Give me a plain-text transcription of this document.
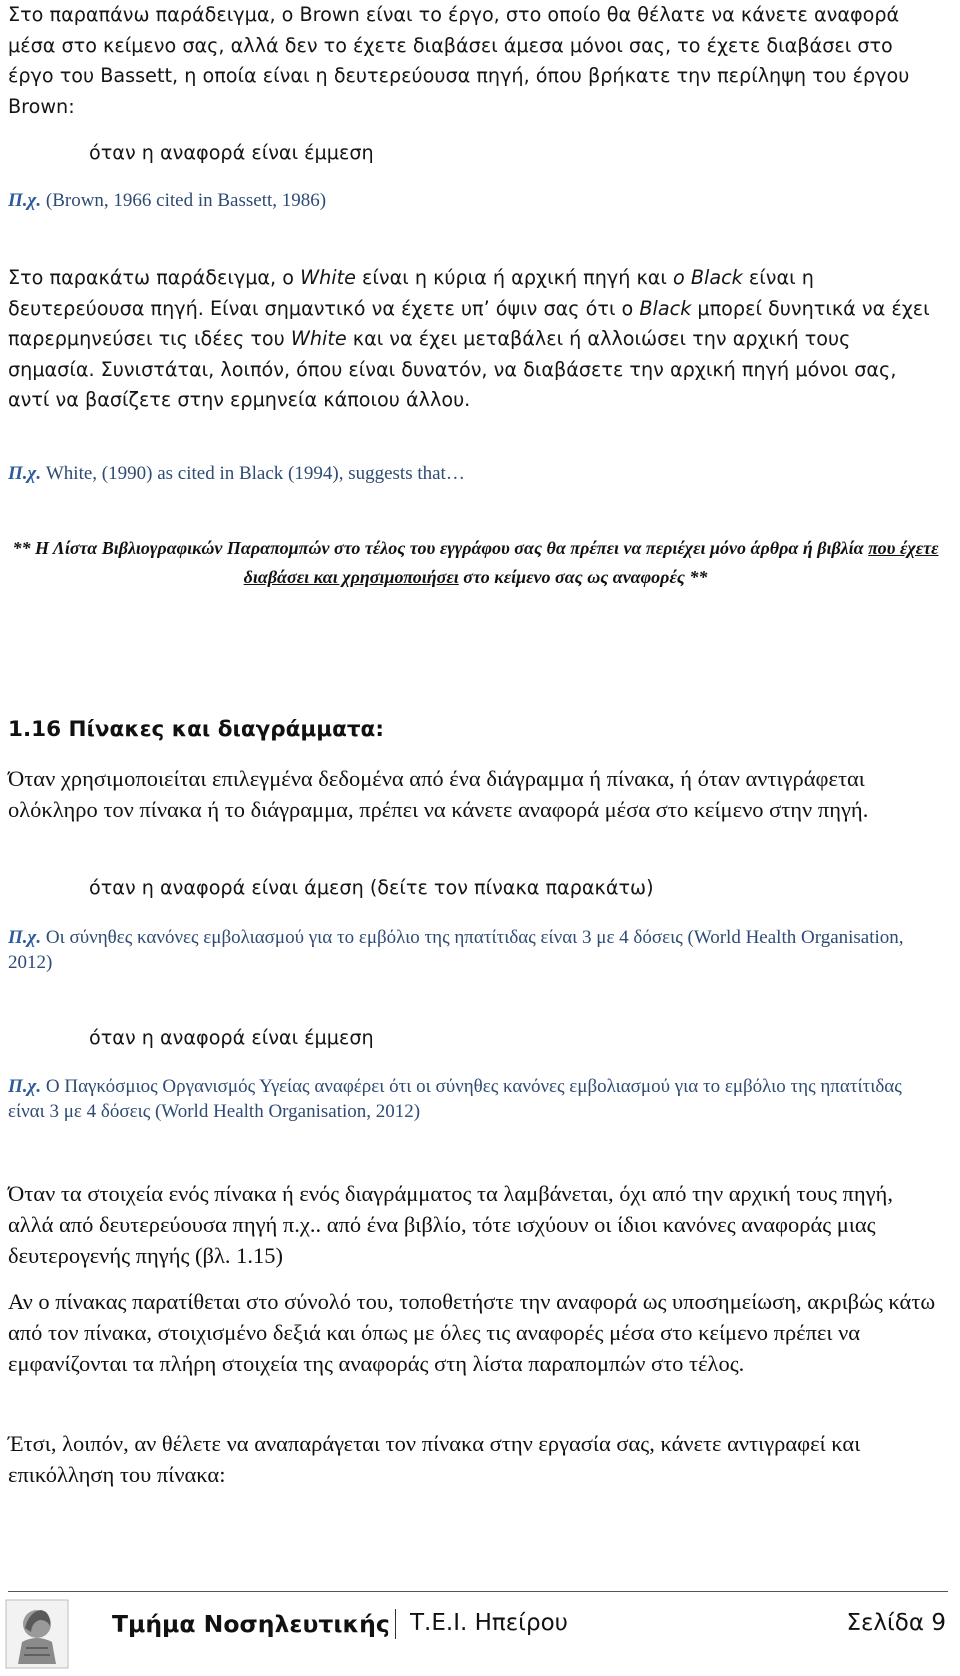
Στο παραπάνω παράδειγμα, ο Brown είναι το έργο, στο οποίο θα θέλατε να κάνετε αναφορά μέσα στο κείμενο σας, αλλά δεν το έχετε διαβάσει άμεσα μόνοι σας, το έχετε διαβάσει στο έργο του Bassett, η οποία είναι η δευτερεύουσα πηγή, όπου βρήκατε την περίληψη του έργου Brown:
όταν η αναφορά είναι έμμεση
Π.χ. (Brown, 1966 cited in Bassett, 1986)
Στο παρακάτω παράδειγμα, ο White είναι η κύρια ή αρχική πηγή και ο Black είναι η δευτερεύουσα πηγή. Είναι σημαντικό να έχετε υπ’ όψιν σας ότι ο Black μπορεί δυνητικά να έχει παρερμηνεύσει τις ιδέες του White και να έχει μεταβάλει ή αλλοιώσει την αρχική τους σημασία. Συνιστάται, λοιπόν, όπου είναι δυνατόν, να διαβάσετε την αρχική πηγή μόνοι σας, αντί να βασίζετε στην ερμηνεία κάποιου άλλου.
Π.χ. White, (1990) as cited in Black (1994), suggests that…
** Η Λίστα Βιβλιογραφικών Παραπομπών στο τέλος του εγγράφου σας θα πρέπει να περιέχει μόνο άρθρα ή βιβλία που έχετε διαβάσει και χρησιμοποιήσει στο κείμενο σας ως αναφορές **
1.16 Πίνακες και διαγράμματα:
Όταν χρησιμοποιείται επιλεγμένα δεδομένα από ένα διάγραμμα ή πίνακα, ή όταν αντιγράφεται ολόκληρο τον πίνακα ή το διάγραμμα, πρέπει να κάνετε αναφορά μέσα στο κείμενο στην πηγή.
όταν η αναφορά είναι άμεση (δείτε τον πίνακα παρακάτω)
Π.χ. Οι σύνηθες κανόνες εμβολιασμού για το εμβόλιο της ηπατίτιδας είναι 3 με 4 δόσεις (World Health Organisation, 2012)
όταν η αναφορά είναι έμμεση
Π.χ. Ο Παγκόσμιος Οργανισμός Υγείας αναφέρει ότι οι σύνηθες κανόνες εμβολιασμού για το εμβόλιο της ηπατίτιδας είναι 3 με 4 δόσεις (World Health Organisation, 2012)
Όταν τα στοιχεία ενός πίνακα ή ενός διαγράμματος τα λαμβάνεται, όχι από την αρχική τους πηγή, αλλά από δευτερεύουσα πηγή π.χ.. από ένα βιβλίο, τότε ισχύουν οι ίδιοι κανόνες αναφοράς μιας δευτερογενής πηγής (βλ. 1.15)
Αν ο πίνακας παρατίθεται στο σύνολό του, τοποθετήστε την αναφορά ως υποσημείωση, ακριβώς κάτω από τον πίνακα, στοιχισμένο δεξιά και όπως με όλες τις αναφορές μέσα στο κείμενο πρέπει να εμφανίζονται τα πλήρη στοιχεία της αναφοράς στη λίστα παραπομπών στο τέλος.
Έτσι, λοιπόν, αν θέλετε να αναπαράγεται τον πίνακα στην εργασία σας, κάνετε αντιγραφεί και επικόλληση του πίνακα:
Τμήμα Νοσηλευτικής Τ.Ε.Ι. Ηπείρου	Σελίδα 9
